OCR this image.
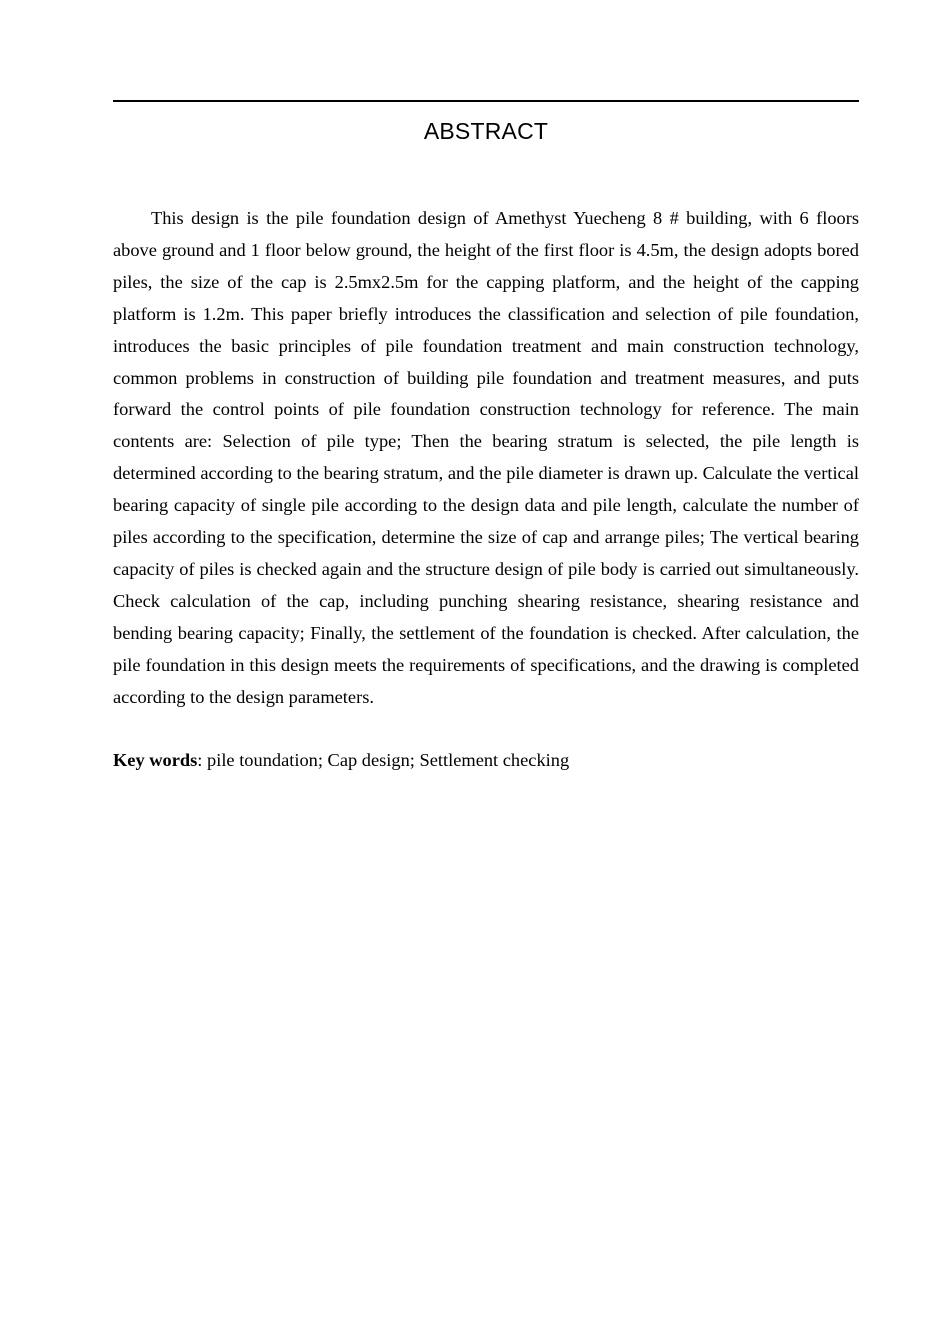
ABSTRACT

This design is the pile foundation design of Amethyst Yuecheng 8 # building, with 6 floors above ground and 1 floor below ground, the height of the first floor is 4.5m, the design adopts bored piles, the size of the cap is 2.5mx2.5m for the capping platform, and the height of the capping platform is 1.2m. This paper briefly introduces the classification and selection of pile foundation, introduces the basic principles of pile foundation treatment and main construction technology, common problems in construction of building pile foundation and treatment measures, and puts forward the control points of pile foundation construction technology for reference. The main contents are: Selection of pile type; Then the bearing stratum is selected, the pile length is determined according to the bearing stratum, and the pile diameter is drawn up. Calculate the vertical bearing capacity of single pile according to the design data and pile length, calculate the number of piles according to the specification, determine the size of cap and arrange piles; The vertical bearing capacity of piles is checked again and the structure design of pile body is carried out simultaneously. Check calculation of the cap, including punching shearing resistance, shearing resistance and bending bearing capacity; Finally, the settlement of the foundation is checked. After calculation, the pile foundation in this design meets the requirements of specifications, and the drawing is completed according to the design parameters.

Key words: pile toundation; Cap design; Settlement checking
